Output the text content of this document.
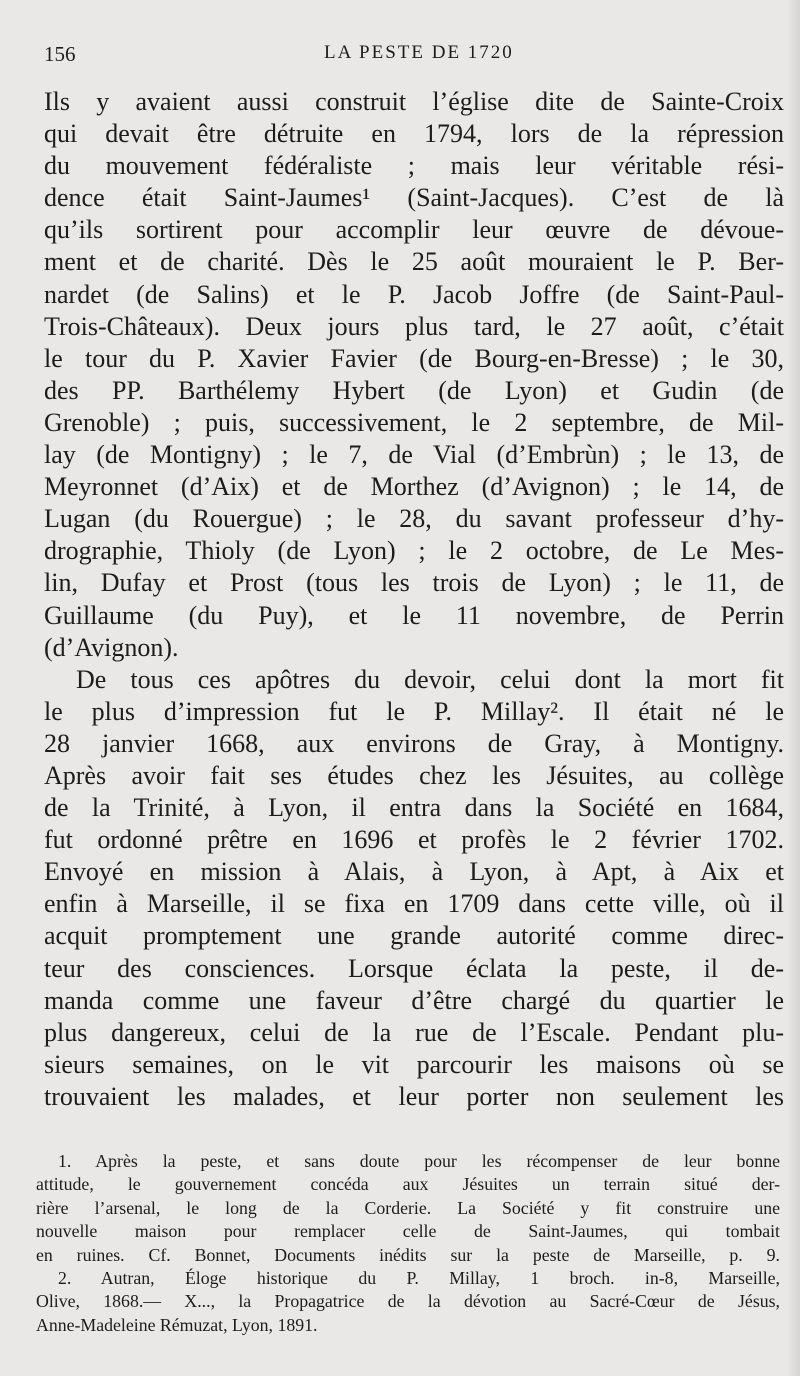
156	LA PESTE DE 1720
Ils y avaient aussi construit l’église dite de Sainte-Croix
qui devait être détruite en 1794, lors de la répression
du mouvement fédéraliste ; mais leur véritable rési-
dence était Saint-Jaumes¹ (Saint-Jacques). C’est de là
qu’ils sortirent pour accomplir leur œuvre de dévoue-
ment et de charité. Dès le 25 août mouraient le P. Ber-
nardet (de Salins) et le P. Jacob Joffre (de Saint-Paul-
Trois-Châteaux). Deux jours plus tard, le 27 août, c’était
le tour du P. Xavier Favier (de Bourg-en-Bresse) ; le 30,
des PP. Barthélemy Hybert (de Lyon) et Gudin (de
Grenoble) ; puis, successivement, le 2 septembre, de Mil-
lay (de Montigny) ; le 7, de Vial (d’Embrùn) ; le 13, de
Meyronnet (d’Aix) et de Morthez (d’Avignon) ; le 14, de
Lugan (du Rouergue) ; le 28, du savant professeur d’hy-
drographie, Thioly (de Lyon) ; le 2 octobre, de Le Mes-
lin, Dufay et Prost (tous les trois de Lyon) ; le 11, de
Guillaume (du Puy), et le 11 novembre, de Perrin
(d’Avignon).
De tous ces apôtres du devoir, celui dont la mort fit
le plus d’impression fut le P. Millay². Il était né le
28 janvier 1668, aux environs de Gray, à Montigny.
Après avoir fait ses études chez les Jésuites, au collège
de la Trinité, à Lyon, il entra dans la Société en 1684,
fut ordonné prêtre en 1696 et profès le 2 février 1702.
Envoyé en mission à Alais, à Lyon, à Apt, à Aix et
enfin à Marseille, il se fixa en 1709 dans cette ville, où il
acquit promptement une grande autorité comme direc-
teur des consciences. Lorsque éclata la peste, il de-
manda comme une faveur d’être chargé du quartier le
plus dangereux, celui de la rue de l’Escale. Pendant plu-
sieurs semaines, on le vit parcourir les maisons où se
trouvaient les malades, et leur porter non seulement les
1. Après la peste, et sans doute pour les récompenser de leur bonne
attitude, le gouvernement concéda aux Jésuites un terrain situé der-
rière l’arsenal, le long de la Corderie. La Société y fit construire une
nouvelle maison pour remplacer celle de Saint-Jaumes, qui tombait
en ruines. Cf. Bonnet, Documents inédits sur la peste de Marseille, p. 9.
2. Autran, Éloge historique du P. Millay, 1 broch. in-8, Marseille,
Olive, 1868.— X..., la Propagatrice de la dévotion au Sacré-Cœur de Jésus,
Anne-Madeleine Rémuzat, Lyon, 1891.
